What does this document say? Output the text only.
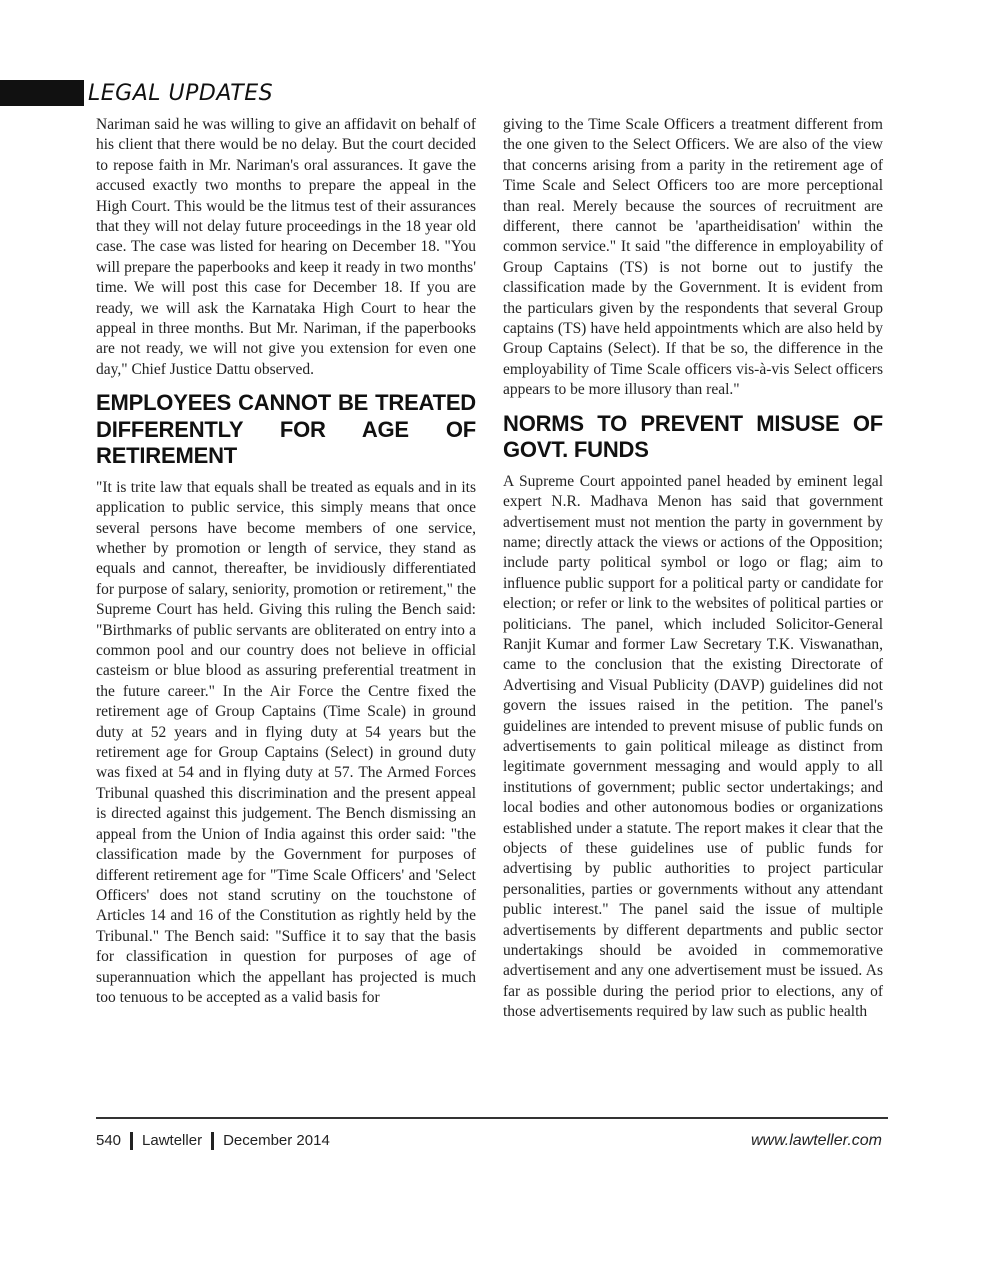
LEGAL UPDATES

Nariman said he was willing to give an affidavit on behalf of his client that there would be no delay. But the court decided to repose faith in Mr. Nariman's oral assurances. It gave the accused exactly two months to prepare the appeal in the High Court. This would be the litmus test of their assurances that they will not delay future proceedings in the 18 year old case. The case was listed for hearing on December 18. "You will prepare the paperbooks and keep it ready in two months' time. We will post this case for December 18. If you are ready, we will ask the Karnataka High Court to hear the appeal in three months. But Mr. Nariman, if the paperbooks are not ready, we will not give you extension for even one day," Chief Justice Dattu observed.

EMPLOYEES CANNOT BE TREATED DIFFERENTLY FOR AGE OF RETIREMENT

"It is trite law that equals shall be treated as equals and in its application to public service, this simply means that once several persons have become members of one service, whether by promotion or length of service, they stand as equals and cannot, thereafter, be invidiously differentiated for purpose of salary, seniority, promotion or retirement," the Supreme Court has held. Giving this ruling the Bench said: "Birthmarks of public servants are obliterated on entry into a common pool and our country does not believe in official casteism or blue blood as assuring preferential treatment in the future career." In the Air Force the Centre fixed the retirement age of Group Captains (Time Scale) in ground duty at 52 years and in flying duty at 54 years but the retirement age for Group Captains (Select) in ground duty was fixed at 54 and in flying duty at 57. The Armed Forces Tribunal quashed this discrimination and the present appeal is directed against this judgement. The Bench dismissing an appeal from the Union of India against this order said: "the classification made by the Government for purposes of different retirement age for "Time Scale Officers' and 'Select Officers' does not stand scrutiny on the touchstone of Articles 14 and 16 of the Constitution as rightly held by the Tribunal." The Bench said: "Suffice it to say that the basis for classification in question for purposes of age of superannuation which the appellant has projected is much too tenuous to be accepted as a valid basis for

giving to the Time Scale Officers a treatment different from the one given to the Select Officers. We are also of the view that concerns arising from a parity in the retirement age of Time Scale and Select Officers too are more perceptional than real. Merely because the sources of recruitment are different, there cannot be 'apartheidisation' within the common service." It said "the difference in employability of Group Captains (TS) is not borne out to justify the classification made by the Government. It is evident from the particulars given by the respondents that several Group captains (TS) have held appointments which are also held by Group Captains (Select). If that be so, the difference in the employability of Time Scale officers vis-à-vis Select officers appears to be more illusory than real."

NORMS TO PREVENT MISUSE OF GOVT. FUNDS

A Supreme Court appointed panel headed by eminent legal expert N.R. Madhava Menon has said that government advertisement must not mention the party in government by name; directly attack the views or actions of the Opposition; include party political symbol or logo or flag; aim to influence public support for a political party or candidate for election; or refer or link to the websites of political parties or politicians. The panel, which included Solicitor-General Ranjit Kumar and former Law Secretary T.K. Viswanathan, came to the conclusion that the existing Directorate of Advertising and Visual Publicity (DAVP) guidelines did not govern the issues raised in the petition. The panel's guidelines are intended to prevent misuse of public funds on advertisements to gain political mileage as distinct from legitimate government messaging and would apply to all institutions of government; public sector undertakings; and local bodies and other autonomous bodies or organizations established under a statute. The report makes it clear that the objects of these guidelines use of public funds for advertising by public authorities to project particular personalities, parties or governments without any attendant public interest." The panel said the issue of multiple advertisements by different departments and public sector undertakings should be avoided in commemorative advertisement and any one advertisement must be issued. As far as possible during the period prior to elections, any of those advertisements required by law such as public health

540 Lawteller December 2014	www.lawteller.com
